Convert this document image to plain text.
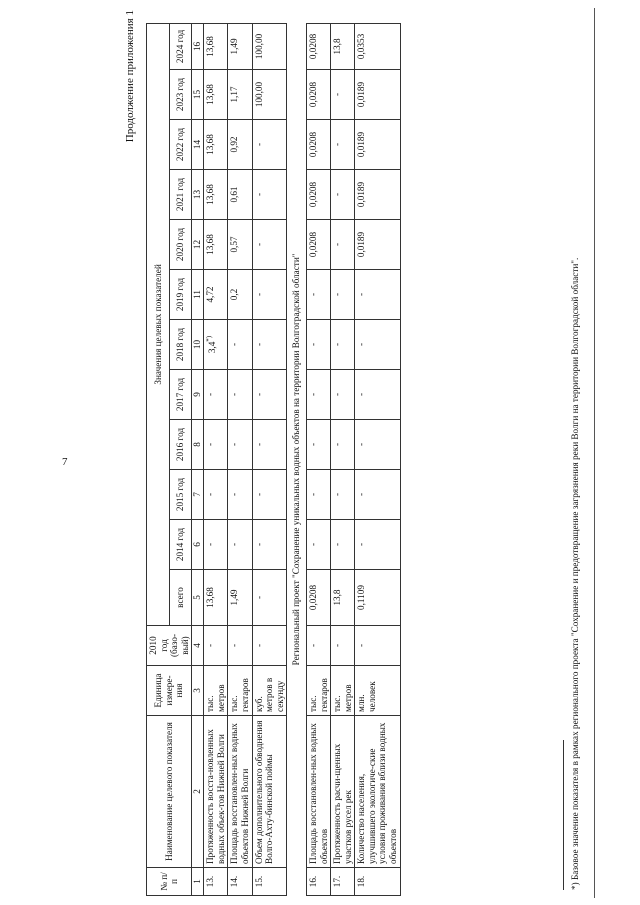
7
Продолжение приложения 1
№ п/п	Наименование целевого показателя	Единица измере-ния	2010 год (базо-вый)	Значения целевых показателей											
				всего	2014 год	2015 год	2016 год	2017 год	2018 год	2019 год	2020 год	2021 год	2022 год	2023 год	2024 год
1	2	3	4	5	6	7	8	9	10	11	12	13	14	15	16
13.	Протяженность восста-новленных водных объек-тов Нижней Волги	тыс. метров	-	13,68	-	-	-	-	3,4*)	4,72	13,68	13,68	13,68	13,68	13,68
14.	Площадь восстановлен-ных водных объектов Нижней Волги	тыс. гектаров	-	1,49	-	-	-	-	-	0,2	0,57	0,61	0,92	1,17	1,49
15.	Объем дополнительного обводнения Волго-Ахту-бинской поймы	куб. метров в секунду	-	-	-	-	-	-	-	-	-	-	-	100,00	100,00
Региональный проект "Сохранение уникальных водных объектов на территории Волгоградской области"															
16.	Площадь восстановлен-ных водных объектов	тыс. гектаров	-	0,0208	-	-	-	-	-	-	0,0208	0,0208	0,0208	0,0208	0,0208
17.	Протяженность расчи-щенных участков русел рек	тыс. метров	-	13,8	-	-	-	-	-	-	-	-	-	-	13,8
18.	Количество населения, улучшившего экологиче-ские условия проживания вблизи водных объектов	млн. человек	-	0,1109	-	-	-	-	-	-	0,0189	0,0189	0,0189	0,0189	0,0353
*) Базовое значение показателя в рамках регионального проекта "Сохранение и предотвращение загрязнения реки Волги на территории Волгоградской области".
